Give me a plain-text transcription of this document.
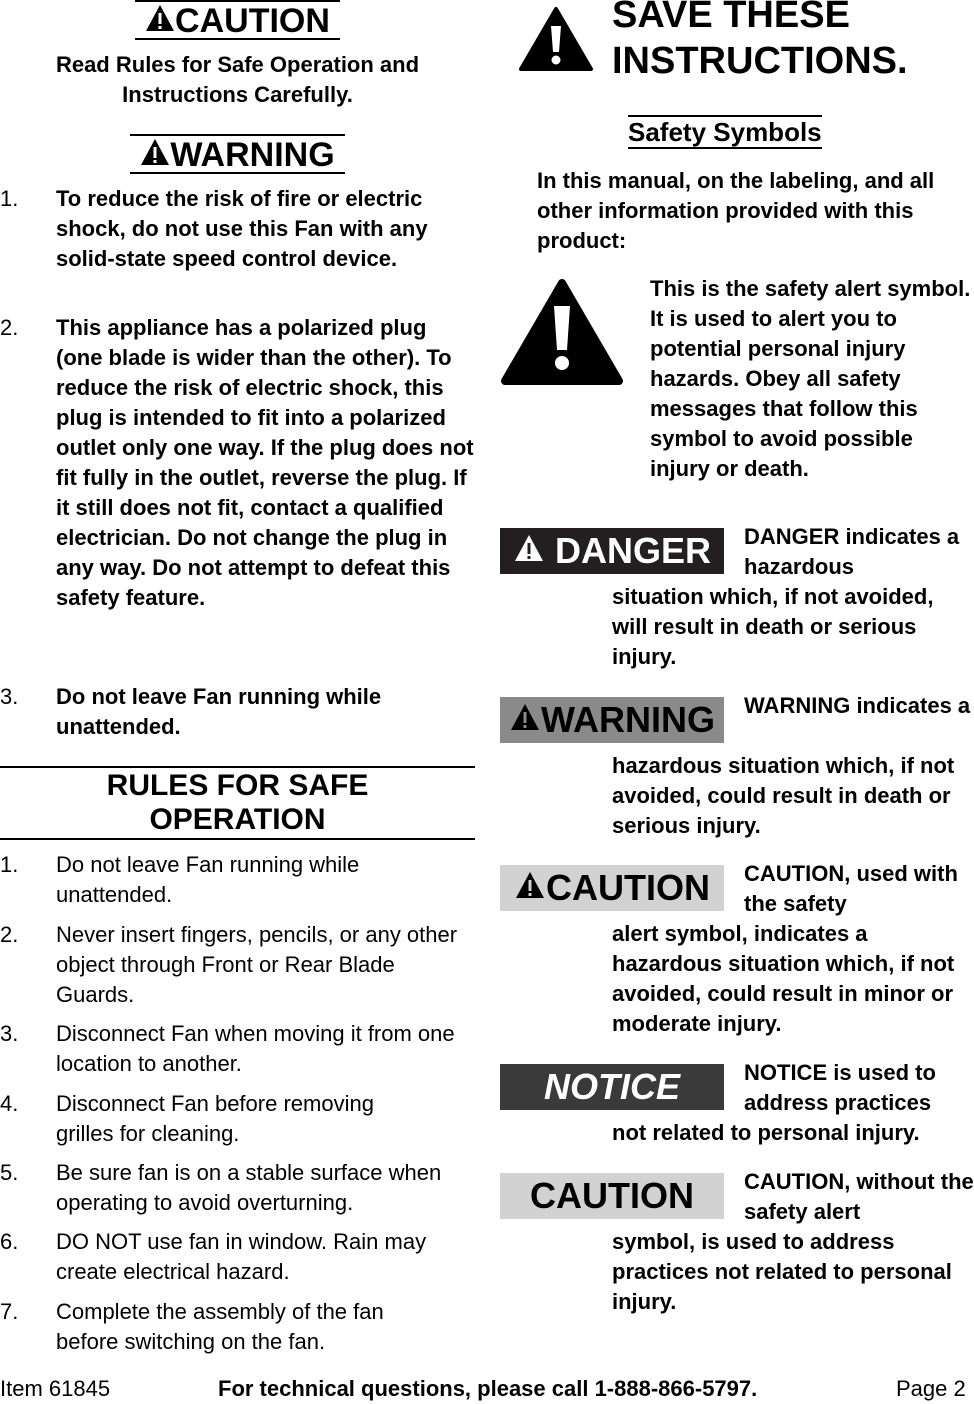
CAUTION
Read Rules for Safe Operation and Instructions Carefully.
WARNING
1. To reduce the risk of fire or electric shock, do not use this Fan with any solid-state speed control device.
2. This appliance has a polarized plug (one blade is wider than the other). To reduce the risk of electric shock, this plug is intended to fit into a polarized outlet only one way. If the plug does not fit fully in the outlet, reverse the plug. If it still does not fit, contact a qualified electrician. Do not change the plug in any way. Do not attempt to defeat this safety feature.
3. Do not leave Fan running while unattended.
RULES FOR SAFE
OPERATION
1. Do not leave Fan running while unattended.
2. Never insert fingers, pencils, or any other object through Front or Rear Blade Guards.
3. Disconnect Fan when moving it from one location to another.
4. Disconnect Fan before removing grilles for cleaning.
5. Be sure fan is on a stable surface when operating to avoid overturning.
6. DO NOT use fan in window. Rain may create electrical hazard.
7. Complete the assembly of the fan before switching on the fan.
SAVE THESE
INSTRUCTIONS.
Safety Symbols
In this manual, on the labeling, and all other information provided with this product:
This is the safety alert symbol. It is used to alert you to potential personal injury hazards. Obey all safety messages that follow this symbol to avoid possible injury or death.
DANGER	DANGER indicates a hazardous
situation which, if not avoided, will result in death or serious injury.
WARNING	WARNING indicates a
hazardous situation which, if not avoided, could result in death or serious injury.
CAUTION	CAUTION, used with the safety
alert symbol, indicates a hazardous situation which, if not avoided, could result in minor or moderate injury.
NOTICE	NOTICE is used to address practices
not related to personal injury.
CAUTION	CAUTION, without the safety alert
symbol, is used to address practices not related to personal injury.
Item 61845	For technical questions, please call 1-888-866-5797.	Page 2
